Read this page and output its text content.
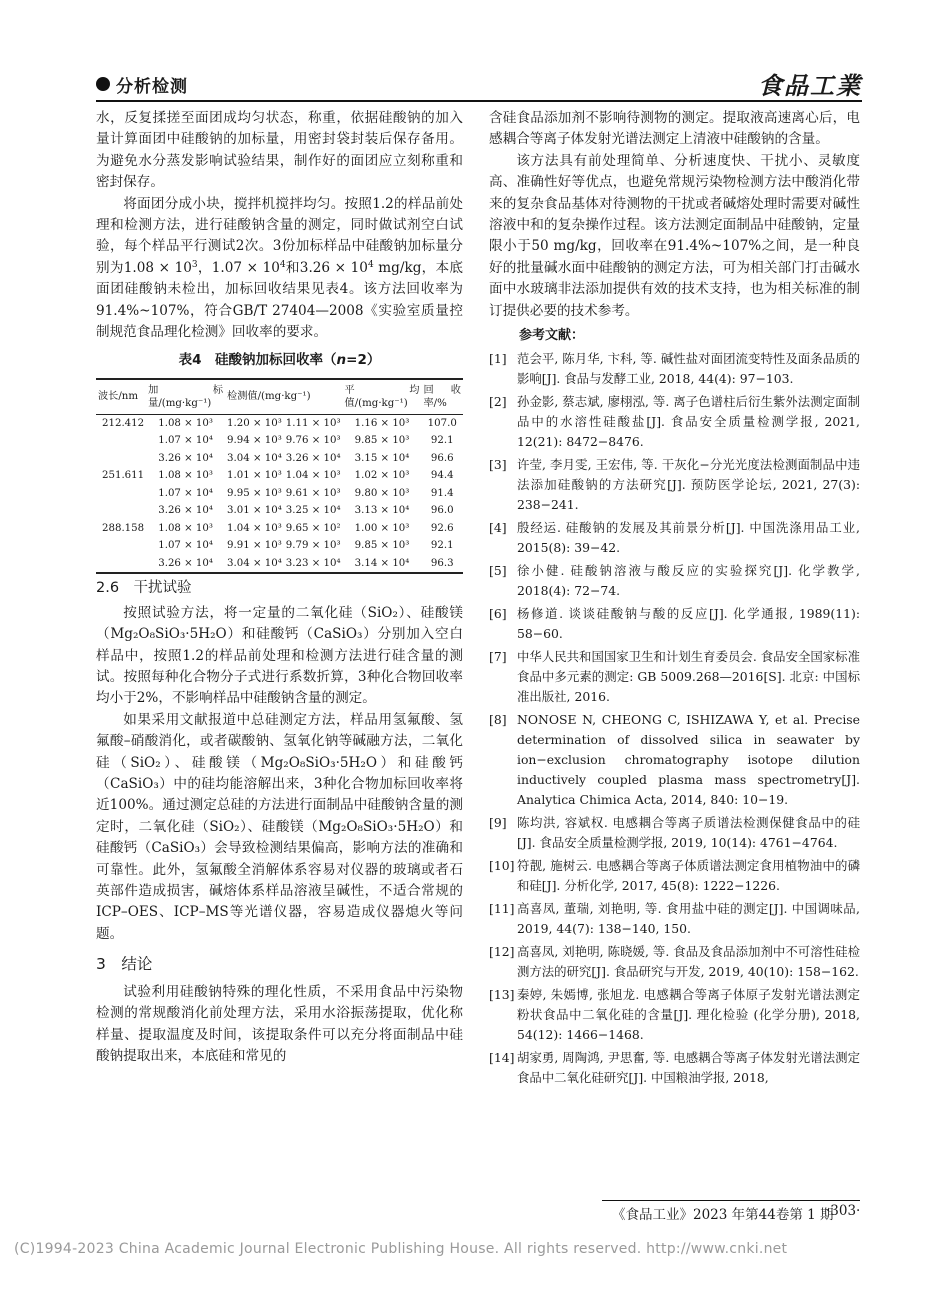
分析检测	食品工業

水，反复揉搓至面团成均匀状态，称重，依据硅酸钠的加入量计算面团中硅酸钠的加标量，用密封袋封装后保存备用。为避免水分蒸发影响试验结果，制作好的面团应立刻称重和密封保存。

将面团分成小块，搅拌机搅拌均匀。按照1.2的样品前处理和检测方法，进行硅酸钠含量的测定，同时做试剂空白试验，每个样品平行测试2次。3份加标样品中硅酸钠加标量分别为$1.08 \times 10^3$，$1.07 \times 10^4$和$3.26 \times 10^4$ mg/kg，本底面团硅酸钠未检出，加标回收结果见表4。该方法回收率为91.4%~107%，符合GB/T 27404—2008《实验室质量控制规范食品理化检测》回收率的要求。

表4　硅酸钠加标回收率（n=2）
波长/nm	加标量/(mg·kg⁻¹)	检测值/(mg·kg⁻¹)		平均值/(mg·kg⁻¹)	回收率/%
212.412	1.08 × 10³	1.20 × 10³	1.11 × 10³	1.16 × 10³	107.0
	1.07 × 10⁴	9.94 × 10³	9.76 × 10³	9.85 × 10³	92.1
	3.26 × 10⁴	3.04 × 10⁴	3.26 × 10⁴	3.15 × 10⁴	96.6
251.611	1.08 × 10³	1.01 × 10³	1.04 × 10³	1.02 × 10³	94.4
	1.07 × 10⁴	9.95 × 10³	9.61 × 10³	9.80 × 10³	91.4
	3.26 × 10⁴	3.01 × 10⁴	3.25 × 10⁴	3.13 × 10⁴	96.0
288.158	1.08 × 10³	1.04 × 10³	9.65 × 10²	1.00 × 10³	92.6
	1.07 × 10⁴	9.91 × 10³	9.79 × 10³	9.85 × 10³	92.1
	3.26 × 10⁴	3.04 × 10⁴	3.23 × 10⁴	3.14 × 10⁴	96.3
2.6　干扰试验

按照试验方法，将一定量的二氧化硅（SiO₂）、硅酸镁（Mg₂O₈SiO₃·5H₂O）和硅酸钙（CaSiO₃）分别加入空白样品中，按照1.2的样品前处理和检测方法进行硅含量的测试。按照每种化合物分子式进行系数折算，3种化合物回收率均小于2%，不影响样品中硅酸钠含量的测定。

如果采用文献报道中总硅测定方法，样品用氢氟酸、氢氟酸–硝酸消化，或者碳酸钠、氢氧化钠等碱融方法，二氧化硅（SiO₂）、硅酸镁（Mg₂O₈SiO₃·5H₂O）和硅酸钙（CaSiO₃）中的硅均能溶解出来，3种化合物加标回收率将近100%。通过测定总硅的方法进行面制品中硅酸钠含量的测定时，二氧化硅（SiO₂）、硅酸镁（Mg₂O₈SiO₃·5H₂O）和硅酸钙（CaSiO₃）会导致检测结果偏高，影响方法的准确和可靠性。此外，氢氟酸全消解体系容易对仪器的玻璃或者石英部件造成损害，碱熔体系样品溶液呈碱性，不适合常规的ICP–OES、ICP–MS等光谱仪器，容易造成仪器熄火等问题。

3　结论

试验利用硅酸钠特殊的理化性质，不采用食品中污染物检测的常规酸消化前处理方法，采用水浴振荡提取，优化称样量、提取温度及时间，该提取条件可以充分将面制品中硅酸钠提取出来，本底硅和常见的

含硅食品添加剂不影响待测物的测定。提取液高速离心后，电感耦合等离子体发射光谱法测定上清液中硅酸钠的含量。

该方法具有前处理简单、分析速度快、干扰小、灵敏度高、准确性好等优点，也避免常规污染物检测方法中酸消化带来的复杂食品基体对待测物的干扰或者碱熔处理时需要对碱性溶液中和的复杂操作过程。该方法测定面制品中硅酸钠，定量限小于50 mg/kg，回收率在91.4%~107%之间，是一种良好的批量碱水面中硅酸钠的测定方法，可为相关部门打击碱水面中水玻璃非法添加提供有效的技术支持，也为相关标准的制订提供必要的技术参考。

参考文献：
[1] 范会平, 陈月华, 卞科, 等. 碱性盐对面团流变特性及面条品质的影响[J]. 食品与发酵工业, 2018, 44(4): 97−103.
[2] 孙金影, 蔡志斌, 廖栩泓, 等. 离子色谱柱后衍生紫外法测定面制品中的水溶性硅酸盐[J]. 食品安全质量检测学报, 2021, 12(21): 8472−8476.
[3] 许莹, 李月雯, 王宏伟, 等. 干灰化−分光光度法检测面制品中违法添加硅酸钠的方法研究[J]. 预防医学论坛, 2021, 27(3): 238−241.
[4] 殷经运. 硅酸钠的发展及其前景分析[J]. 中国洗涤用品工业, 2015(8): 39−42.
[5] 徐小健. 硅酸钠溶液与酸反应的实验探究[J]. 化学教学, 2018(4): 72−74.
[6] 杨修道. 谈谈硅酸钠与酸的反应[J]. 化学通报, 1989(11): 58−60.
[7] 中华人民共和国国家卫生和计划生育委员会. 食品安全国家标准 食品中多元素的测定: GB 5009.268—2016[S]. 北京: 中国标准出版社, 2016.
[8] NONOSE N, CHEONG C, ISHIZAWA Y, et al. Precise determination of dissolved silica in seawater by ion−exclusion chromatography isotope dilution inductively coupled plasma mass spectrometry[J]. Analytica Chimica Acta, 2014, 840: 10−19.
[9] 陈均洪, 容斌权. 电感耦合等离子质谱法检测保健食品中的硅[J]. 食品安全质量检测学报, 2019, 10(14): 4761−4764.
[10] 符靓, 施树云. 电感耦合等离子体质谱法测定食用植物油中的磷和硅[J]. 分析化学, 2017, 45(8): 1222−1226.
[11] 高喜凤, 董瑞, 刘艳明, 等. 食用盐中硅的测定[J]. 中国调味品, 2019, 44(7): 138−140, 150.
[12] 高喜凤, 刘艳明, 陈晓媛, 等. 食品及食品添加剂中不可溶性硅检测方法的研究[J]. 食品研究与开发, 2019, 40(10): 158−162.
[13] 秦婷, 朱嫣博, 张旭龙. 电感耦合等离子体原子发射光谱法测定粉状食品中二氧化硅的含量[J]. 理化检验 (化学分册), 2018, 54(12): 1466−1468.
[14] 胡家勇, 周陶鸿, 尹思奮, 等. 电感耦合等离子体发射光谱法测定食品中二氧化硅研究[J]. 中国粮油学报, 2018,
《食品工业》2023 年第44卷第 1 期
·303·
(C)1994-2023 China Academic Journal Electronic Publishing House. All rights reserved. http://www.cnki.net
